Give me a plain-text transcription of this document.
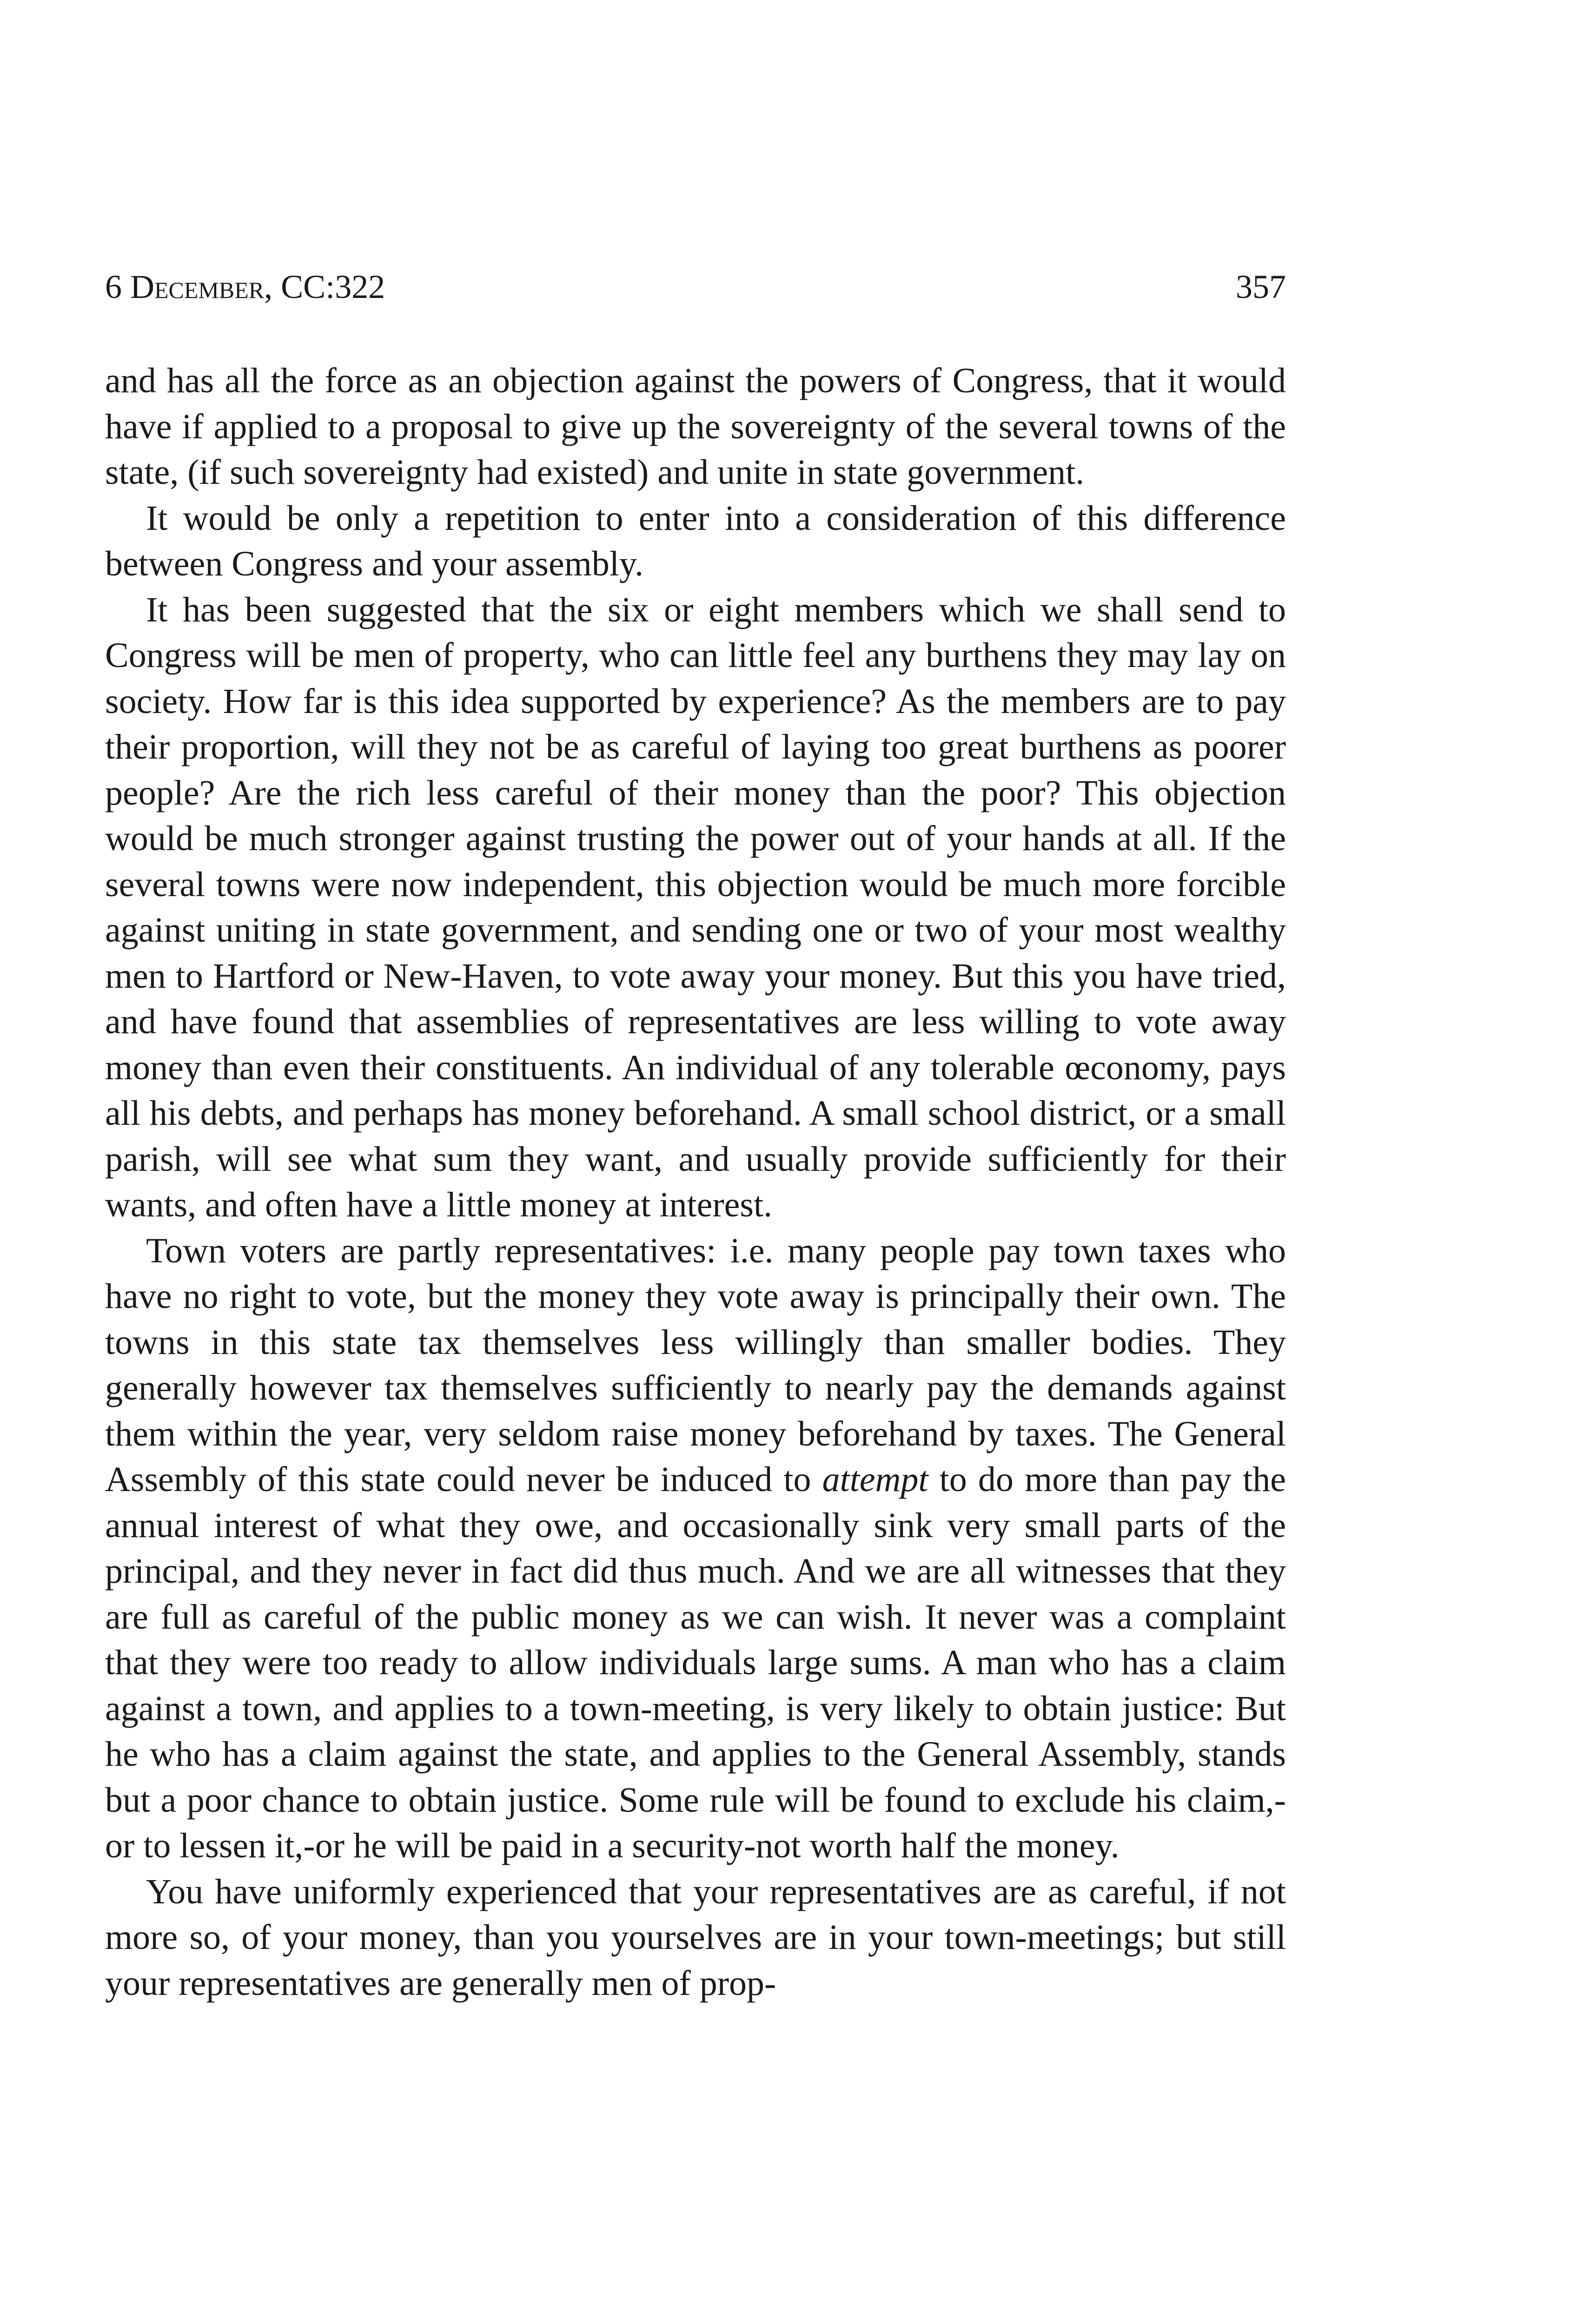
6 December, CC:322	357

and has all the force as an objection against the powers of Congress, that it would have if applied to a proposal to give up the sovereignty of the several towns of the state, (if such sovereignty had existed) and unite in state government.

It would be only a repetition to enter into a consideration of this difference between Congress and your assembly.

It has been suggested that the six or eight members which we shall send to Congress will be men of property, who can little feel any burthens they may lay on society. How far is this idea supported by experience? As the members are to pay their proportion, will they not be as careful of laying too great burthens as poorer people? Are the rich less careful of their money than the poor? This objection would be much stronger against trusting the power out of your hands at all. If the several towns were now independent, this objection would be much more forcible against uniting in state government, and sending one or two of your most wealthy men to Hartford or New-Haven, to vote away your money. But this you have tried, and have found that assemblies of representatives are less willing to vote away money than even their constituents. An individual of any tolerable œconomy, pays all his debts, and perhaps has money beforehand. A small school district, or a small parish, will see what sum they want, and usually provide sufficiently for their wants, and often have a little money at interest.

Town voters are partly representatives: i.e. many people pay town taxes who have no right to vote, but the money they vote away is principally their own. The towns in this state tax themselves less willingly than smaller bodies. They generally however tax themselves sufficiently to nearly pay the demands against them within the year, very seldom raise money beforehand by taxes. The General Assembly of this state could never be induced to attempt to do more than pay the annual interest of what they owe, and occasionally sink very small parts of the principal, and they never in fact did thus much. And we are all witnesses that they are full as careful of the public money as we can wish. It never was a complaint that they were too ready to allow individuals large sums. A man who has a claim against a town, and applies to a town-meeting, is very likely to obtain justice: But he who has a claim against the state, and applies to the General Assembly, stands but a poor chance to obtain justice. Some rule will be found to exclude his claim,-or to lessen it,-or he will be paid in a security-not worth half the money.

You have uniformly experienced that your representatives are as careful, if not more so, of your money, than you yourselves are in your town-meetings; but still your representatives are generally men of prop-
